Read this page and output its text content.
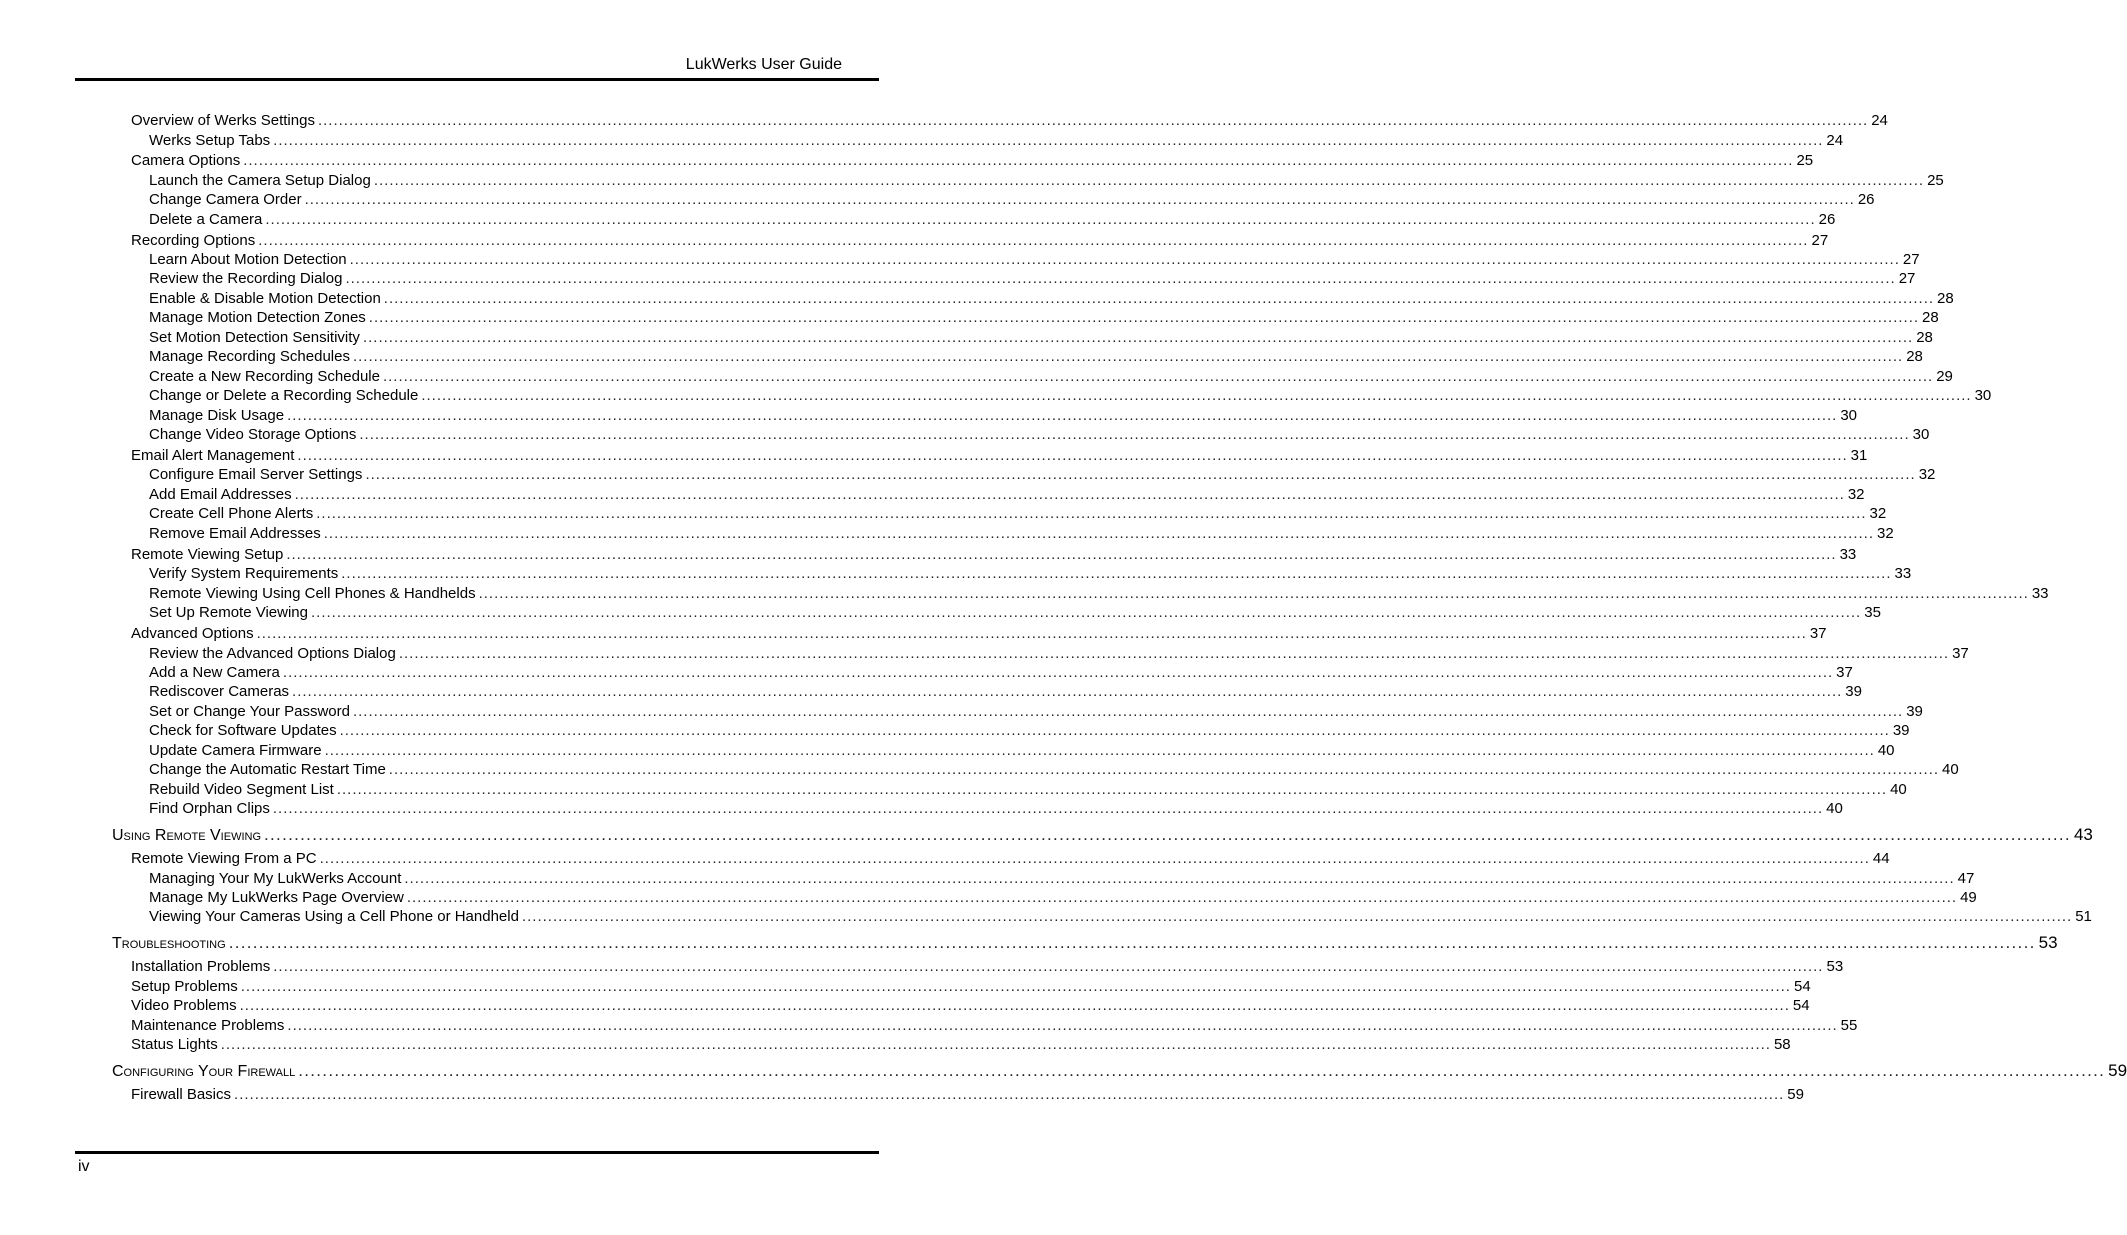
LukWerks User Guide
Overview of Werks Settings ............................................................................................................................................................................................................................................................................................................ 24
Werks Setup Tabs ............................................................................................................................................................................................................................................................................................................ 24
Camera Options ............................................................................................................................................................................................................................................................................................................ 25
Launch the Camera Setup Dialog ............................................................................................................................................................................................................................................................................................................ 25
Change Camera Order ............................................................................................................................................................................................................................................................................................................ 26
Delete a Camera ............................................................................................................................................................................................................................................................................................................ 26
Recording Options ............................................................................................................................................................................................................................................................................................................ 27
Learn About Motion Detection ............................................................................................................................................................................................................................................................................................................ 27
Review the Recording Dialog ............................................................................................................................................................................................................................................................................................................ 27
Enable & Disable Motion Detection ............................................................................................................................................................................................................................................................................................................ 28
Manage Motion Detection Zones ............................................................................................................................................................................................................................................................................................................ 28
Set Motion Detection Sensitivity ............................................................................................................................................................................................................................................................................................................ 28
Manage Recording Schedules ............................................................................................................................................................................................................................................................................................................ 28
Create a New Recording Schedule ............................................................................................................................................................................................................................................................................................................ 29
Change or Delete a Recording Schedule ............................................................................................................................................................................................................................................................................................................ 30
Manage Disk Usage ............................................................................................................................................................................................................................................................................................................ 30
Change Video Storage Options ............................................................................................................................................................................................................................................................................................................ 30
Email Alert Management ............................................................................................................................................................................................................................................................................................................ 31
Configure Email Server Settings ............................................................................................................................................................................................................................................................................................................ 32
Add Email Addresses ............................................................................................................................................................................................................................................................................................................ 32
Create Cell Phone Alerts ............................................................................................................................................................................................................................................................................................................ 32
Remove Email Addresses ............................................................................................................................................................................................................................................................................................................ 32
Remote Viewing Setup ............................................................................................................................................................................................................................................................................................................ 33
Verify System Requirements ............................................................................................................................................................................................................................................................................................................ 33
Remote Viewing Using Cell Phones & Handhelds ............................................................................................................................................................................................................................................................................................................ 33
Set Up Remote Viewing ............................................................................................................................................................................................................................................................................................................ 35
Advanced Options ............................................................................................................................................................................................................................................................................................................ 37
Review the Advanced Options Dialog ............................................................................................................................................................................................................................................................................................................ 37
Add a New Camera ............................................................................................................................................................................................................................................................................................................ 37
Rediscover Cameras ............................................................................................................................................................................................................................................................................................................ 39
Set or Change Your Password ............................................................................................................................................................................................................................................................................................................ 39
Check for Software Updates ............................................................................................................................................................................................................................................................................................................ 39
Update Camera Firmware ............................................................................................................................................................................................................................................................................................................ 40
Change the Automatic Restart Time ............................................................................................................................................................................................................................................................................................................ 40
Rebuild Video Segment List ............................................................................................................................................................................................................................................................................................................ 40
Find Orphan Clips ............................................................................................................................................................................................................................................................................................................ 40
Using Remote Viewing ............................................................................................................................................................................................................................................................................................................ 43
Remote Viewing From a PC ............................................................................................................................................................................................................................................................................................................ 44
Managing Your My LukWerks Account ............................................................................................................................................................................................................................................................................................................ 47
Manage My LukWerks Page Overview ............................................................................................................................................................................................................................................................................................................ 49
Viewing Your Cameras Using a Cell Phone or Handheld ............................................................................................................................................................................................................................................................................................................ 51
Troubleshooting ............................................................................................................................................................................................................................................................................................................ 53
Installation Problems ............................................................................................................................................................................................................................................................................................................ 53
Setup Problems ............................................................................................................................................................................................................................................................................................................ 54
Video Problems ............................................................................................................................................................................................................................................................................................................ 54
Maintenance Problems ............................................................................................................................................................................................................................................................................................................ 55
Status Lights ............................................................................................................................................................................................................................................................................................................ 58
Configuring Your Firewall ............................................................................................................................................................................................................................................................................................................ 59
Firewall Basics ............................................................................................................................................................................................................................................................................................................ 59
iv
